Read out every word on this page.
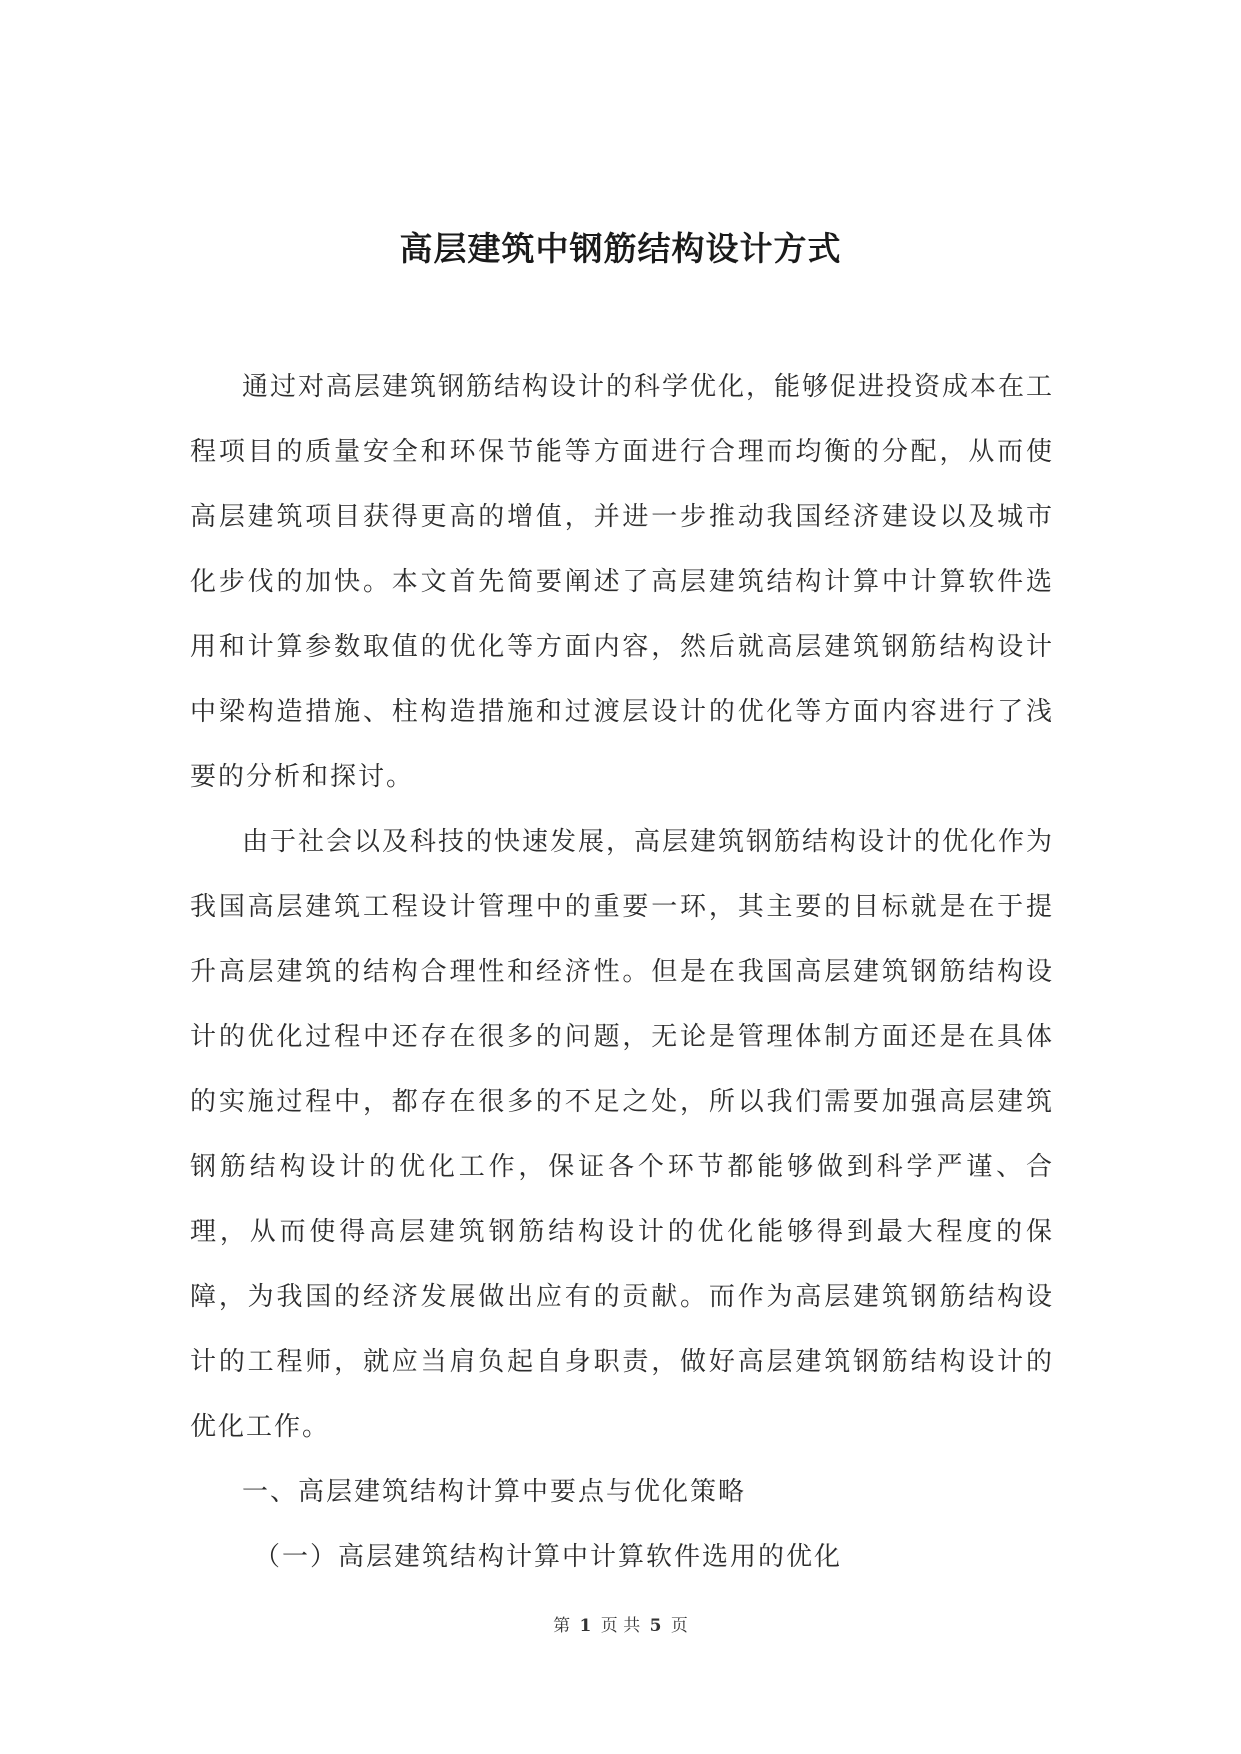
高层建筑中钢筋结构设计方式

通过对高层建筑钢筋结构设计的科学优化，能够促进投资成本在工程项目的质量安全和环保节能等方面进行合理而均衡的分配，从而使高层建筑项目获得更高的增值，并进一步推动我国经济建设以及城市化步伐的加快。本文首先简要阐述了高层建筑结构计算中计算软件选用和计算参数取值的优化等方面内容，然后就高层建筑钢筋结构设计中梁构造措施、柱构造措施和过渡层设计的优化等方面内容进行了浅要的分析和探讨。

由于社会以及科技的快速发展，高层建筑钢筋结构设计的优化作为我国高层建筑工程设计管理中的重要一环，其主要的目标就是在于提升高层建筑的结构合理性和经济性。但是在我国高层建筑钢筋结构设计的优化过程中还存在很多的问题，无论是管理体制方面还是在具体的实施过程中，都存在很多的不足之处，所以我们需要加强高层建筑钢筋结构设计的优化工作，保证各个环节都能够做到科学严谨、合理，从而使得高层建筑钢筋结构设计的优化能够得到最大程度的保障，为我国的经济发展做出应有的贡献。而作为高层建筑钢筋结构设计的工程师，就应当肩负起自身职责，做好高层建筑钢筋结构设计的优化工作。

一、高层建筑结构计算中要点与优化策略

（一）高层建筑结构计算中计算软件选用的优化

第 1 页 共 5 页
